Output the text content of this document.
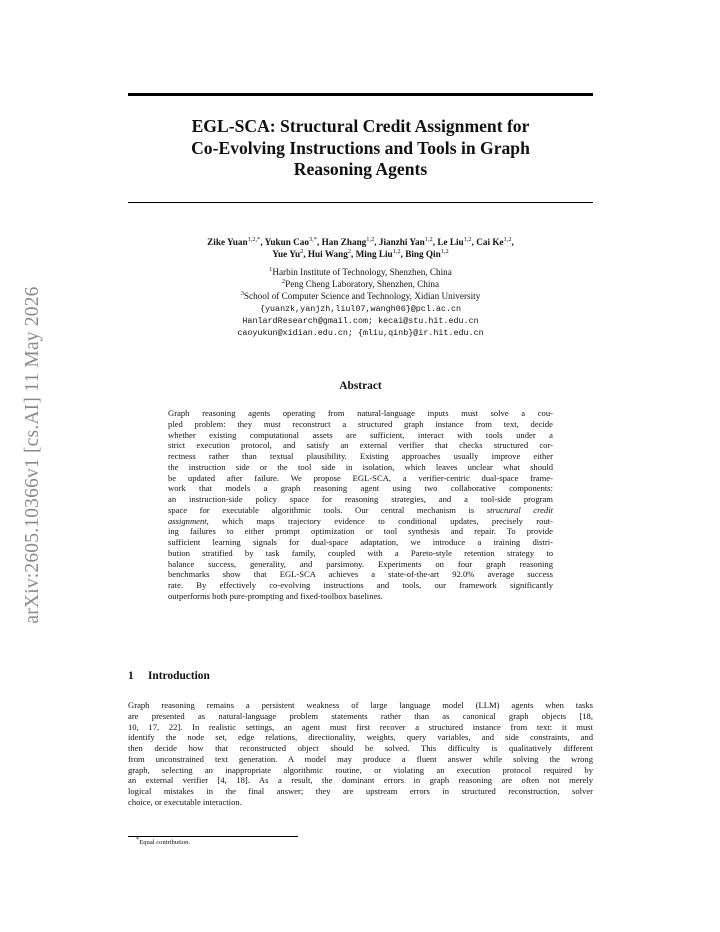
arXiv:2605.10366v1 [cs.AI] 11 May 2026
EGL-SCA: Structural Credit Assignment for
Co-Evolving Instructions and Tools in Graph
Reasoning Agents
Zike Yuan$^{1,2,*}$, Yukun Cao$^{3,*}$, Han Zhang$^{1,2}$, Jianzhi Yan$^{1,2}$, Le Liu$^{1,2}$, Cai Ke$^{1,2}$,
Yue Yu$^2$, Hui Wang$^2$, Ming Liu$^{1,2}$, Bing Qin$^{1,2}$
$^1$Harbin Institute of Technology, Shenzhen, China
$^2$Peng Cheng Laboratory, Shenzhen, China
$^3$School of Computer Science and Technology, Xidian University
{yuanzk,yanjzh,liul07,wangh06}@pcl.ac.cn
HanlardResearch@gmail.com; kecai@stu.hit.edu.cn
caoyukun@xidian.edu.cn; {mliu,qinb}@ir.hit.edu.cn
Abstract
Graph reasoning agents operating from natural-language inputs must solve a cou-
pled problem: they must reconstruct a structured graph instance from text, decide
whether existing computational assets are sufficient, interact with tools under a
strict execution protocol, and satisfy an external verifier that checks structured cor-
rectness rather than textual plausibility. Existing approaches usually improve either
the instruction side or the tool side in isolation, which leaves unclear what should
be updated after failure. We propose EGL-SCA, a verifier-centric dual-space frame-
work that models a graph reasoning agent using two collaborative components:
an instruction-side policy space for reasoning strategies, and a tool-side program
space for executable algorithmic tools. Our central mechanism is structural credit
assignment, which maps trajectory evidence to conditional updates, precisely rout-
ing failures to either prompt optimization or tool synthesis and repair. To provide
sufficient learning signals for dual-space adaptation, we introduce a training distri-
bution stratified by task family, coupled with a Pareto-style retention strategy to
balance success, generality, and parsimony. Experiments on four graph reasoning
benchmarks show that EGL-SCA achieves a state-of-the-art 92.0% average success
rate. By effectively co-evolving instructions and tools, our framework significantly
outperforms both pure-prompting and fixed-toolbox baselines.
1 Introduction
Graph reasoning remains a persistent weakness of large language model (LLM) agents when tasks
are presented as natural-language problem statements rather than as canonical graph objects [18,
10, 17, 22]. In realistic settings, an agent must first recover a structured instance from text: it must
identify the node set, edge relations, directionality, weights, query variables, and side constraints, and
then decide how that reconstructed object should be solved. This difficulty is qualitatively different
from unconstrained text generation. A model may produce a fluent answer while solving the wrong
graph, selecting an inappropriate algorithmic routine, or violating an execution protocol required by
an external verifier [4, 18]. As a result, the dominant errors in graph reasoning are often not merely
logical mistakes in the final answer; they are upstream errors in structured reconstruction, solver
choice, or executable interaction.
*Equal contribution.
